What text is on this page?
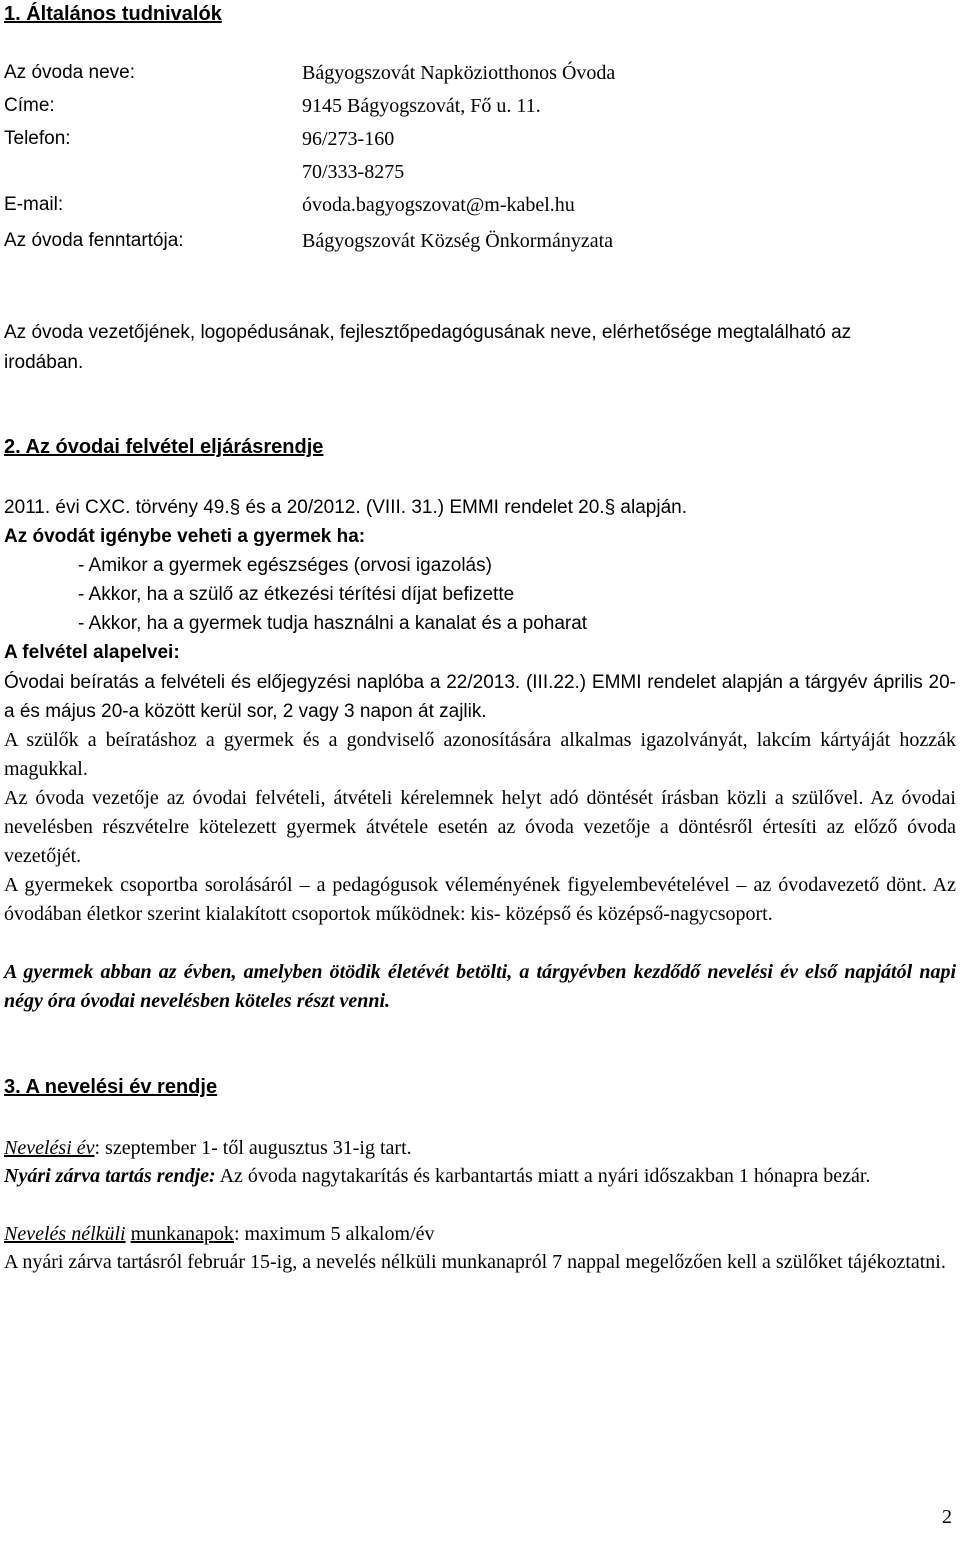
1. Általános tudnivalók
Az óvoda neve:	Bágyogszovát Napköziotthonos Óvoda
Címe:	9145 Bágyogszovát, Fő u. 11.
Telefon:	96/273-160
70/333-8275
E-mail:	óvoda.bagyogszovat@m-kabel.hu
Az óvoda fenntartója:	Bágyogszovát Község Önkormányzata
Az óvoda vezetőjének, logopédusának, fejlesztőpedagógusának neve, elérhetősége megtalálható az irodában.
2. Az óvodai felvétel eljárásrendje
2011. évi CXC. törvény 49.§ és a 20/2012. (VIII. 31.) EMMI rendelet 20.§ alapján.
Az óvodát igénybe veheti a gyermek ha:
- Amikor a gyermek egészséges (orvosi igazolás)
- Akkor, ha a szülő az étkezési térítési díjat befizette
- Akkor, ha a gyermek tudja használni a kanalat és a poharat
A felvétel alapelvei:
Óvodai beíratás a felvételi és előjegyzési naplóba a 22/2013. (III.22.) EMMI rendelet alapján a tárgyév április 20-a és május 20-a között kerül sor, 2 vagy 3 napon át zajlik.
A szülők a beíratáshoz a gyermek és a gondviselő azonosítására alkalmas igazolványát, lakcím kártyáját hozzák magukkal.
Az óvoda vezetője az óvodai felvételi, átvételi kérelemnek helyt adó döntését írásban közli a szülővel. Az óvodai nevelésben részvételre kötelezett gyermek átvétele esetén az óvoda vezetője a döntésről értesíti az előző óvoda vezetőjét.
A gyermekek csoportba sorolásáról – a pedagógusok véleményének figyelembevételével – az óvodavezető dönt. Az óvodában életkor szerint kialakított csoportok működnek: kis- középső és középső-nagycsoport.
A gyermek abban az évben, amelyben ötödik életévét betölti, a tárgyévben kezdődő nevelési év első napjától napi négy óra óvodai nevelésben köteles részt venni.
3. A nevelési év rendje
Nevelési év: szeptember 1- től augusztus 31-ig tart.
Nyári zárva tartás rendje: Az óvoda nagytakarítás és karbantartás miatt a nyári időszakban 1 hónapra bezár.
Nevelés nélküli munkanapok: maximum 5 alkalom/év
A nyári zárva tartásról február 15-ig, a nevelés nélküli munkanapról 7 nappal megelőzően kell a szülőket tájékoztatni.
2
